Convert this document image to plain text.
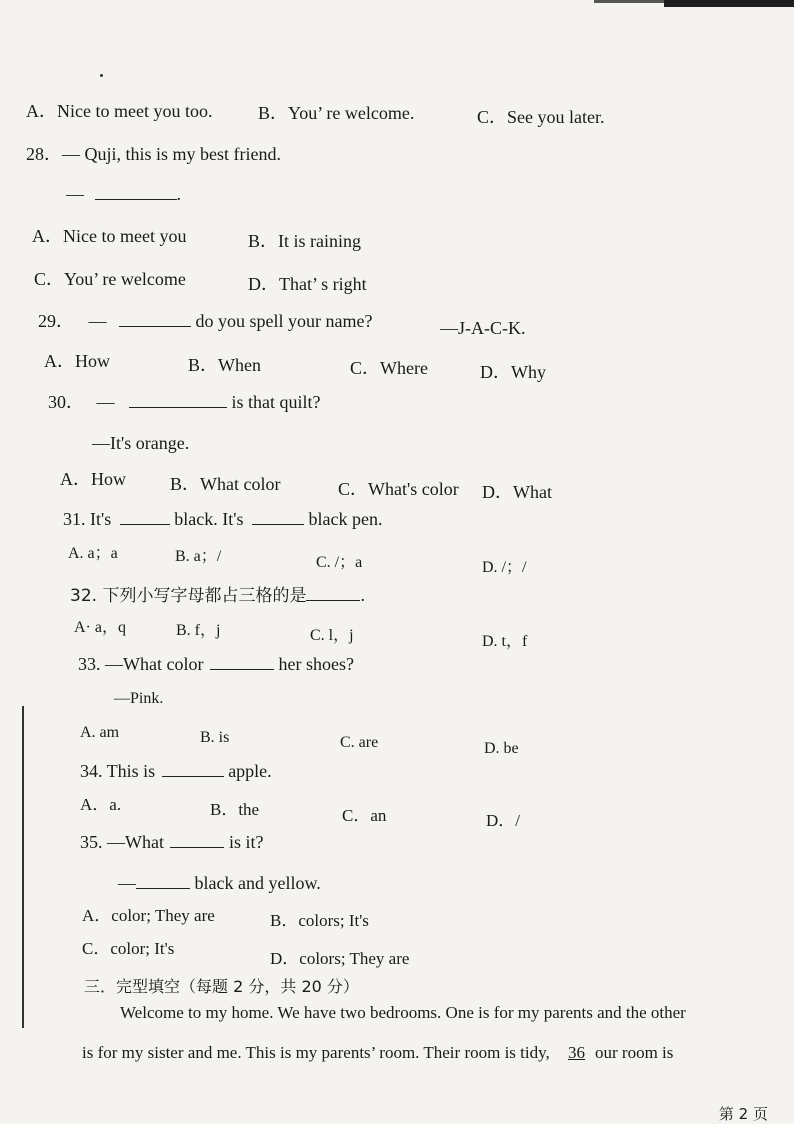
A．Nice to meet you too.	B．You’ re welcome.	C．See you later.
28．— Quji, this is my best friend.
—	.
A．Nice to meet you	B．It is raining
C．You’ re welcome	D．That’ s right
29． —	do you spell your name?	—J-A-C-K.
A．How	B．When	C．Where	D．Why
30． —	is that quilt?
—It's orange.
A．How B．What color	C．What's color D．What
31. It's	black. It's	black pen.
A. a；a	B. a；/	C. /；a	D. /；/
32. 下列小写字母都占三格的是	.
A· a，q	B. f，j	C. l，j	D. t，f
33. —What color	her shoes?
—Pink.
A. am	B. is	C. are	D. be
34. This is	apple.
A．a.	B．the	C．an	D．/
35. —What	is it?
—	black and yellow.
A．color; They are	B．colors; It's
C．color; It's
D．colors; They are
三．完型填空（每题 2 分，共 20 分）
Welcome to my home. We have two bedrooms. One is for my parents and the other
is for my sister and me. This is my parents’ room. Their room is tidy, 36 our room is
第 2 页
